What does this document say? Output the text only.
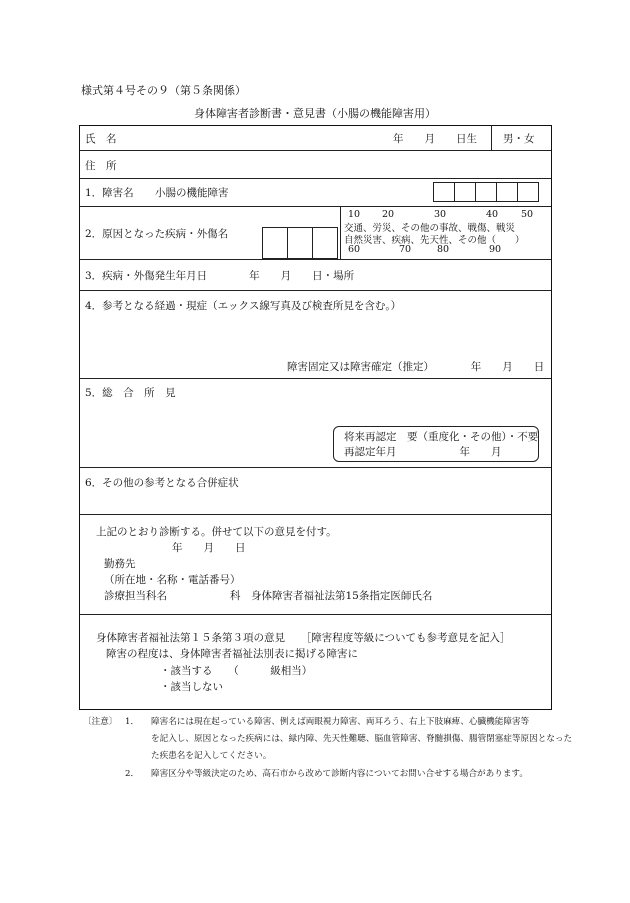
様式第４号その９（第５条関係）
身体障害者診断書・意見書（小腸の機能障害用）
氏　名	年　　月　　日生 男・女
住　所
1．障害名 小腸の機能障害
2．原因となった疾病・外傷名
10 20	30	40 50
交通、労災、その他の事故、戦傷、戦災
自然災害、疾病、先天性、その他（　　）
60	70	80	90
3．疾病・外傷発生年月日　　　　年　　月　　日・場所
4．参考となる経過・現症（エックス線写真及び検査所見を含む。）
障害固定又は障害確定（推定）　　　　年　　月　　日
5．総　合　所　見
将来再認定　要（重度化・その他）・不要
再認定年月　　　　　　年　　月
6．その他の参考となる合併症状
上記のとおり診断する。併せて以下の意見を付す。
年　　月　　日
勤務先
（所在地・名称・電話番号）
診療担当科名　　　　　　科　身体障害者福祉法第15条指定医師氏名
身体障害者福祉法第１５条第３項の意見　　［障害程度等級についても参考意見を記入］
障害の程度は、身体障害者福祉法別表に掲げる障害に
・該当する　　（　　　級相当）
・該当しない
〔注意〕 1． 障害名には現在起っている障害、例えば両眼視力障害、両耳ろう、右上下肢麻痺、心臓機能障害等
を記入し、原因となった疾病には、緑内障、先天性難聴、脳血管障害、脊髄損傷、腸管閉塞症等原因となった
た疾患名を記入してください。
2． 障害区分や等級決定のため、高石市から改めて診断内容についてお問い合せする場合があります。
